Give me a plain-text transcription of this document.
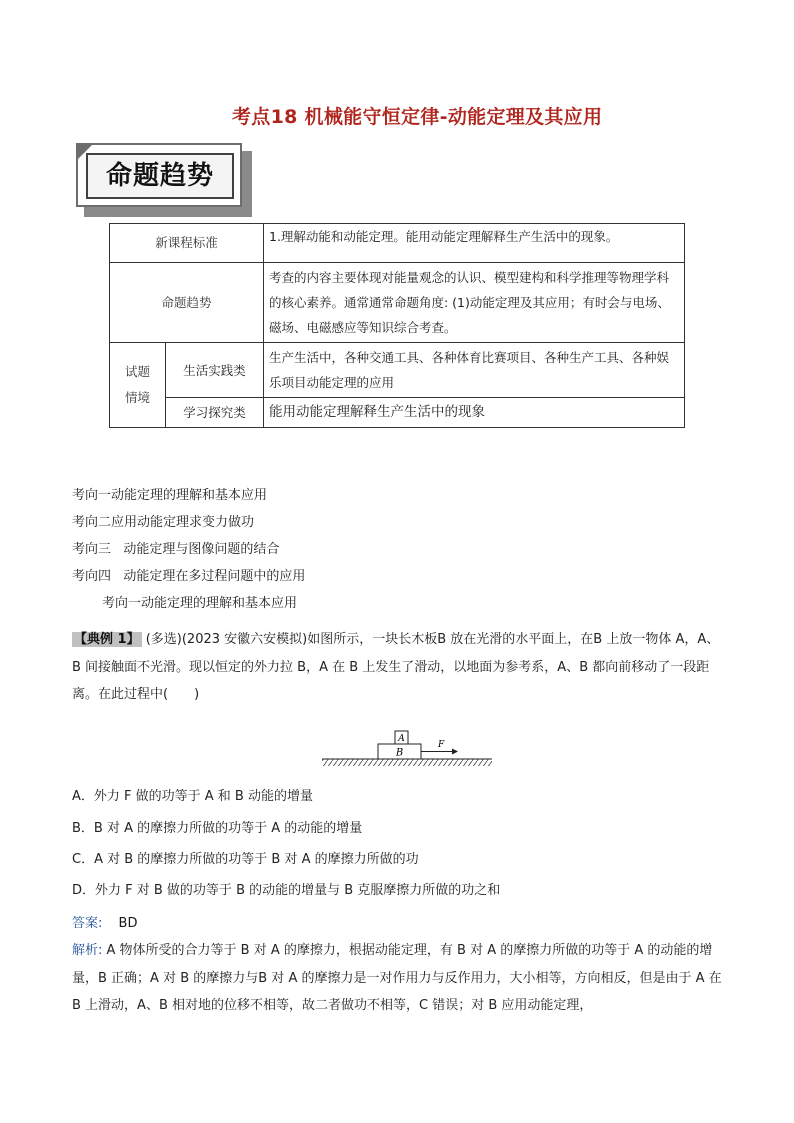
考点18 机械能守恒定律-动能定理及其应用
命题趋势
新课程标准		1.理解动能和动能定理。能用动能定理解释生产生活中的现象。
命题趋势		考查的内容主要体现对能量观念的认识、模型建构和科学推理等物理学科的核心素养。通常通常命题角度: (1)动能定理及其应用；有时会与电场、磁场、电磁感应等知识综合考查。
试题
情境	生活实践类	生产生活中，各种交通工具、各种体育比赛项目、各种生产工具、各种娱乐项目动能定理的应用
	学习探究类	能用动能定理解释生产生活中的现象
考向一动能定理的理解和基本应用
考向二应用动能定理求变力做功
考向三   动能定理与图像问题的结合
考向四   动能定理在多过程问题中的应用
考向一动能定理的理解和基本应用
【典例 1】 (多选)(2023 安徽六安模拟)如图所示，一块长木板B 放在光滑的水平面上，在B 上放一物体 A，A、B 间接触面不光滑。现以恒定的外力拉 B，A 在 B 上发生了滑动，以地面为参考系，A、B 都向前移动了一段距离。在此过程中(　　)
A
B
F
A．外力 F 做的功等于 A 和 B 动能的增量
B．B 对 A 的摩擦力所做的功等于 A 的动能的增量
C．A 对 B 的摩擦力所做的功等于 B 对 A 的摩擦力所做的功
D．外力 F 对 B 做的功等于 B 的动能的增量与 B 克服摩擦力所做的功之和
答案: BD
解析: A 物体所受的合力等于 B 对 A 的摩擦力，根据动能定理，有 B 对 A 的摩擦力所做的功等于 A 的动能的增量，B 正确；A 对 B 的摩擦力与B 对 A 的摩擦力是一对作用力与反作用力，大小相等，方向相反，但是由于 A 在 B 上滑动，A、B 相对地的位移不相等，故二者做功不相等，C 错误；对 B 应用动能定理，
